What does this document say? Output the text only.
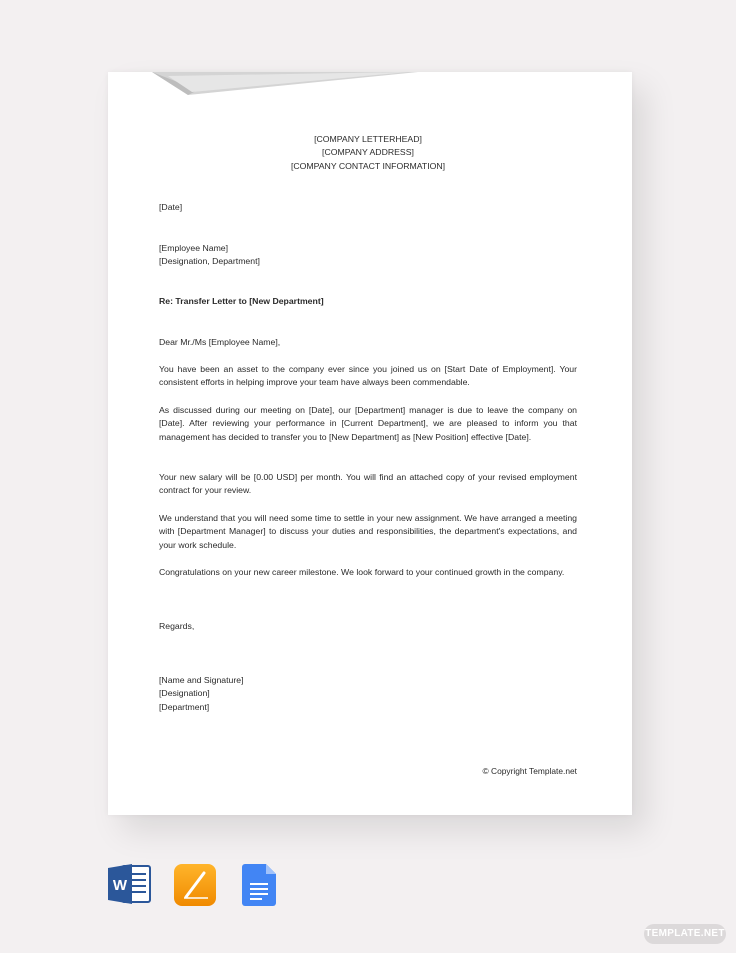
[COMPANY LETTERHEAD]
[COMPANY ADDRESS]
[COMPANY CONTACT INFORMATION]

[Date]

[Employee Name]
[Designation, Department]

Re: Transfer Letter to [New Department]

Dear Mr./Ms [Employee Name],

You have been an asset to the company ever since you joined us on [Start Date of Employment]. Your consistent efforts in helping improve your team have always been commendable.

As discussed during our meeting on [Date], our [Department] manager is due to leave the company on [Date]. After reviewing your performance in [Current Department], we are pleased to inform you that management has decided to transfer you to [New Department] as [New Position] effective [Date].

Your new salary will be [0.00 USD] per month. You will find an attached copy of your revised employment contract for your review.

We understand that you will need some time to settle in your new assignment. We have arranged a meeting with [Department Manager] to discuss your duties and responsibilities, the department's expectations, and your work schedule.

Congratulations on your new career milestone. We look forward to your continued growth in the company.

Regards,

[Name and Signature]
[Designation]
[Department]

© Copyright Template.net

W
TEMPLATE.NET
